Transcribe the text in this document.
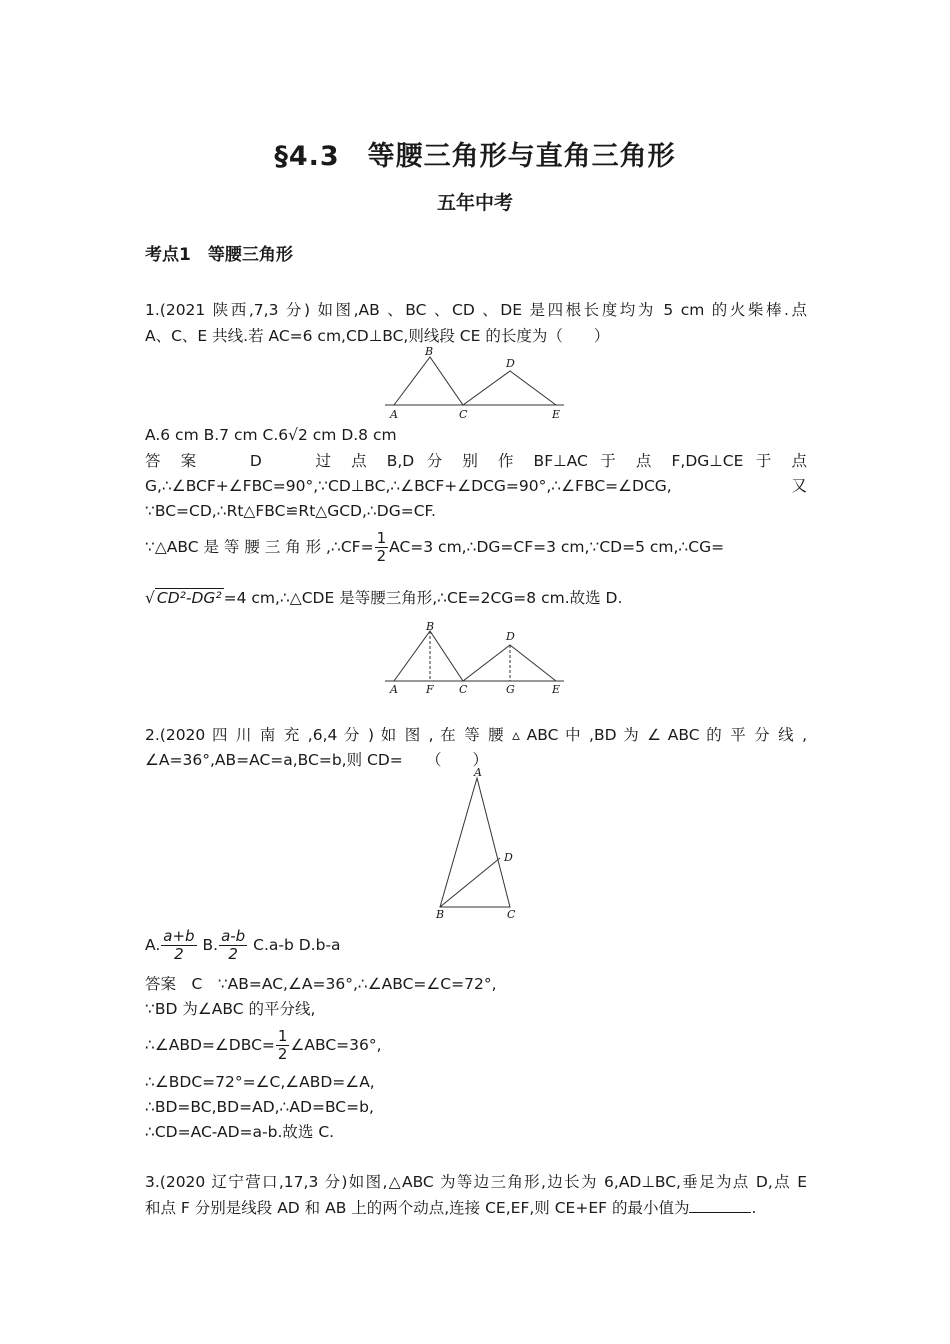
§4.3　等腰三角形与直角三角形
五年中考
考点1　等腰三角形
1.(2021 陕西,7,3 分) 如图,AB 、BC 、CD 、DE 是四根长度均为 5 cm 的火柴棒.点
A、C、E 共线.若 AC=6 cm,CD⊥BC,则线段 CE 的长度为（　　）
B
A	C
D
E
A.6 cm B.7 cm C.6√2 cm D.8 cm
答 案　　D　　过 点 B,D 分 别 作 BF⊥AC 于 点 F,DG⊥CE 于 点
G,∴∠BCF+∠FBC=90°,∵CD⊥BC,∴∠BCF+∠DCG=90°,∴∠FBC=∠DCG,　　　又
∵BC=CD,∴Rt△FBC≌Rt△GCD,∴DG=CF.
∵△ABC 是 等 腰 三 角 形 ,∴CF= $\frac{1}{2} AC=3$ cm,∴DG=CF=3 cm,∵CD=5 cm,∴CG=
√ CD²-DG² =4 cm,∴△CDE 是等腰三角形,∴CE=2CG=8 cm.故选 D.
B
A	F C
D
G	E
2.(2020 四 川 南 充 ,6,4 分 ) 如 图 , 在 等 腰 ▵ ABC 中 ,BD 为 ∠ ABC 的 平 分 线 ,
∠A=36°,AB=AC=a,BC=b,则 CD=　　（　　）
A
B	C
D
A. $\frac{a+b}{2} B$. $\frac{a-b}{2} C.a-b$ D.b-a
答案　C　∵AB=AC,∠A=36°,∴∠ABC=∠C=72°,
∵BD 为∠ABC 的平分线,
∴∠ABD=∠DBC= $\frac{1}{2}$ ∠ABC=36°,
∴∠BDC=72°=∠C,∠ABD=∠A,
∴BD=BC,BD=AD,∴AD=BC=b,
∴CD=AC-AD=a-b.故选 C.
3.(2020 辽宁营口,17,3 分)如图,△ABC 为等边三角形,边长为 6,AD⊥BC,垂足为点 D,点 E
和点 F 分别是线段 AD 和 AB 上的两个动点,连接 CE,EF,则 CE+EF 的最小值为	.
